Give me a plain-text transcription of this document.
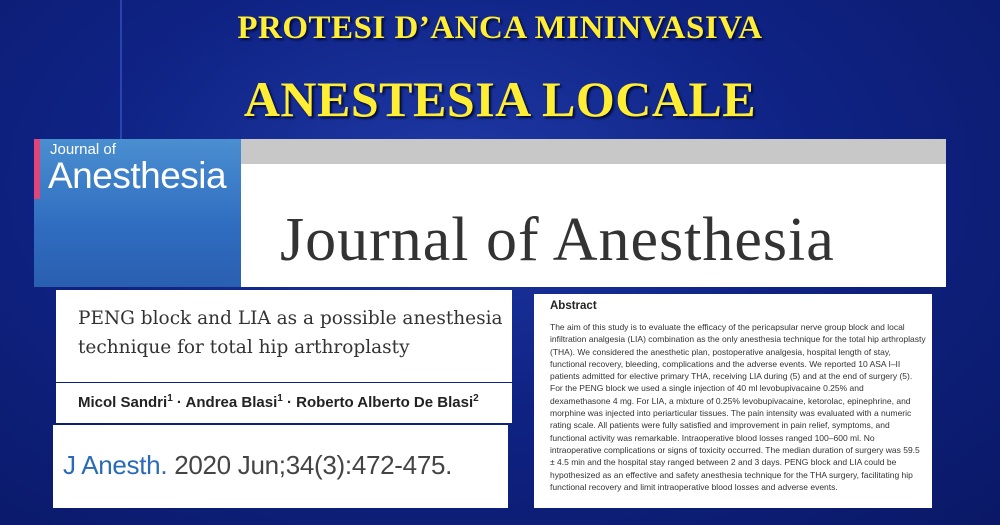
PROTESI D’ANCA MININVASIVA
ANESTESIA LOCALE
Journal of
Anesthesia
Journal of Anesthesia
PENG block and LIA as a possible anesthesia technique for total hip arthroplasty
Micol Sandri$^1$ · Andrea Blasi$^1$ · Roberto Alberto De Blasi$^2$
J Anesth. 2020 Jun;34(3):472-475.
Abstract
The aim of this study is to evaluate the efficacy of the pericapsular nerve group block and local infiltration analgesia (LIA) combination as the only anesthesia technique for the total hip arthroplasty (THA). We considered the anesthetic plan, postoperative analgesia, hospital length of stay, functional recovery, bleeding, complications and the adverse events. We reported 10 ASA I–II patients admitted for elective primary THA, receiving LIA during (5) and at the end of surgery (5). For the PENG block we used a single injection of 40 ml levobupivacaine 0.25% and dexamethasone 4 mg. For LIA, a mixture of 0.25% levobupivacaine, ketorolac, epinephrine, and morphine was injected into periarticular tissues. The pain intensity was evaluated with a numeric rating scale. All patients were fully satisfied and improvement in pain relief, symptoms, and functional activity was remarkable. Intraoperative blood losses ranged 100–600 ml. No intraoperative complications or signs of toxicity occurred. The median duration of surgery was 59.5 ± 4.5 min and the hospital stay ranged between 2 and 3 days. PENG block and LIA could be hypothesized as an effective and safety anesthesia technique for the THA surgery, facilitating hip functional recovery and limit intraoperative blood losses and adverse events.
